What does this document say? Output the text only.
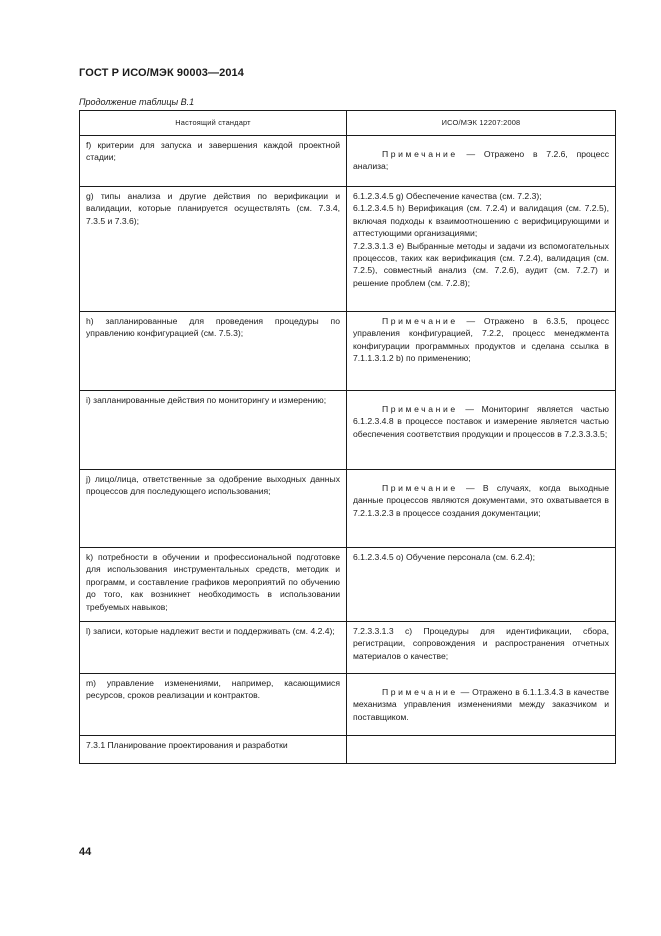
ГОСТ Р ИСО/МЭК 90003—2014
Продолжение таблицы В.1
Настоящий стандарт	ИСО/МЭК 12207:2008
f) критерии для запуска и завершения каждой проектной стадии;	Примечание — Отражено в 7.2.6, процесс анализа;

g) типы анализа и другие действия по верификации и валидации, которые планируется осуществлять (см. 7.3.4, 7.3.5 и 7.3.6);	6.1.2.3.4.5 g) Обеспечение качества (см. 7.2.3);
6.1.2.3.4.5 h) Верификация (см. 7.2.4) и валидация (см. 7.2.5), включая подходы к взаимоотношению с верифицирующими и аттестующими организациями;
7.2.3.3.1.3 е) Выбранные методы и задачи из вспомогательных процессов, таких как верификация (см. 7.2.4), валидация (см. 7.2.5), совместный анализ (см. 7.2.6), аудит (см. 7.2.7) и решение проблем (см. 7.2.8);

h) запланированные для проведения процедуры по управлению конфигурацией (см. 7.5.3);	Примечание — Отражено в 6.3.5, процесс управления конфигурацией, 7.2.2, процесс менеджмента конфигурации программных продуктов и сделана ссылка в 7.1.1.3.1.2 b) по применению;

i) запланированные действия по мониторингу и измерению;	Примечание — Мониторинг является частью 6.1.2.3.4.8 в процессе поставок и измерение является частью обеспечения соответствия продукции и процессов в 7.2.3.3.3.5;

j) лицо/лица, ответственные за одобрение выходных данных процессов для последующего использования;	Примечание — В случаях, когда выходные данные процессов являются документами, это охватывается в 7.2.1.3.2.3 в процессе создания документации;

k) потребности в обучении и профессиональной подготовке для использования инструментальных средств, методик и программ, и составление графиков мероприятий по обучению до того, как возникнет необходимость в использовании требуемых навыков;	6.1.2.3.4.5 о) Обучение персонала (см. 6.2.4);
l) записи, которые надлежит вести и поддерживать (см. 4.2.4);	7.2.3.3.1.3 с) Процедуры для идентификации, сбора, регистрации, сопровождения и распространения отчетных материалов о качестве;
m) управление изменениями, например, касающимися ресурсов, сроков реализации и контрактов.	Примечание — Отражено в 6.1.1.3.4.3 в качестве механизма управления изменениями между заказчиком и поставщиком.

7.3.1 Планирование проектирования и разработки	
44
